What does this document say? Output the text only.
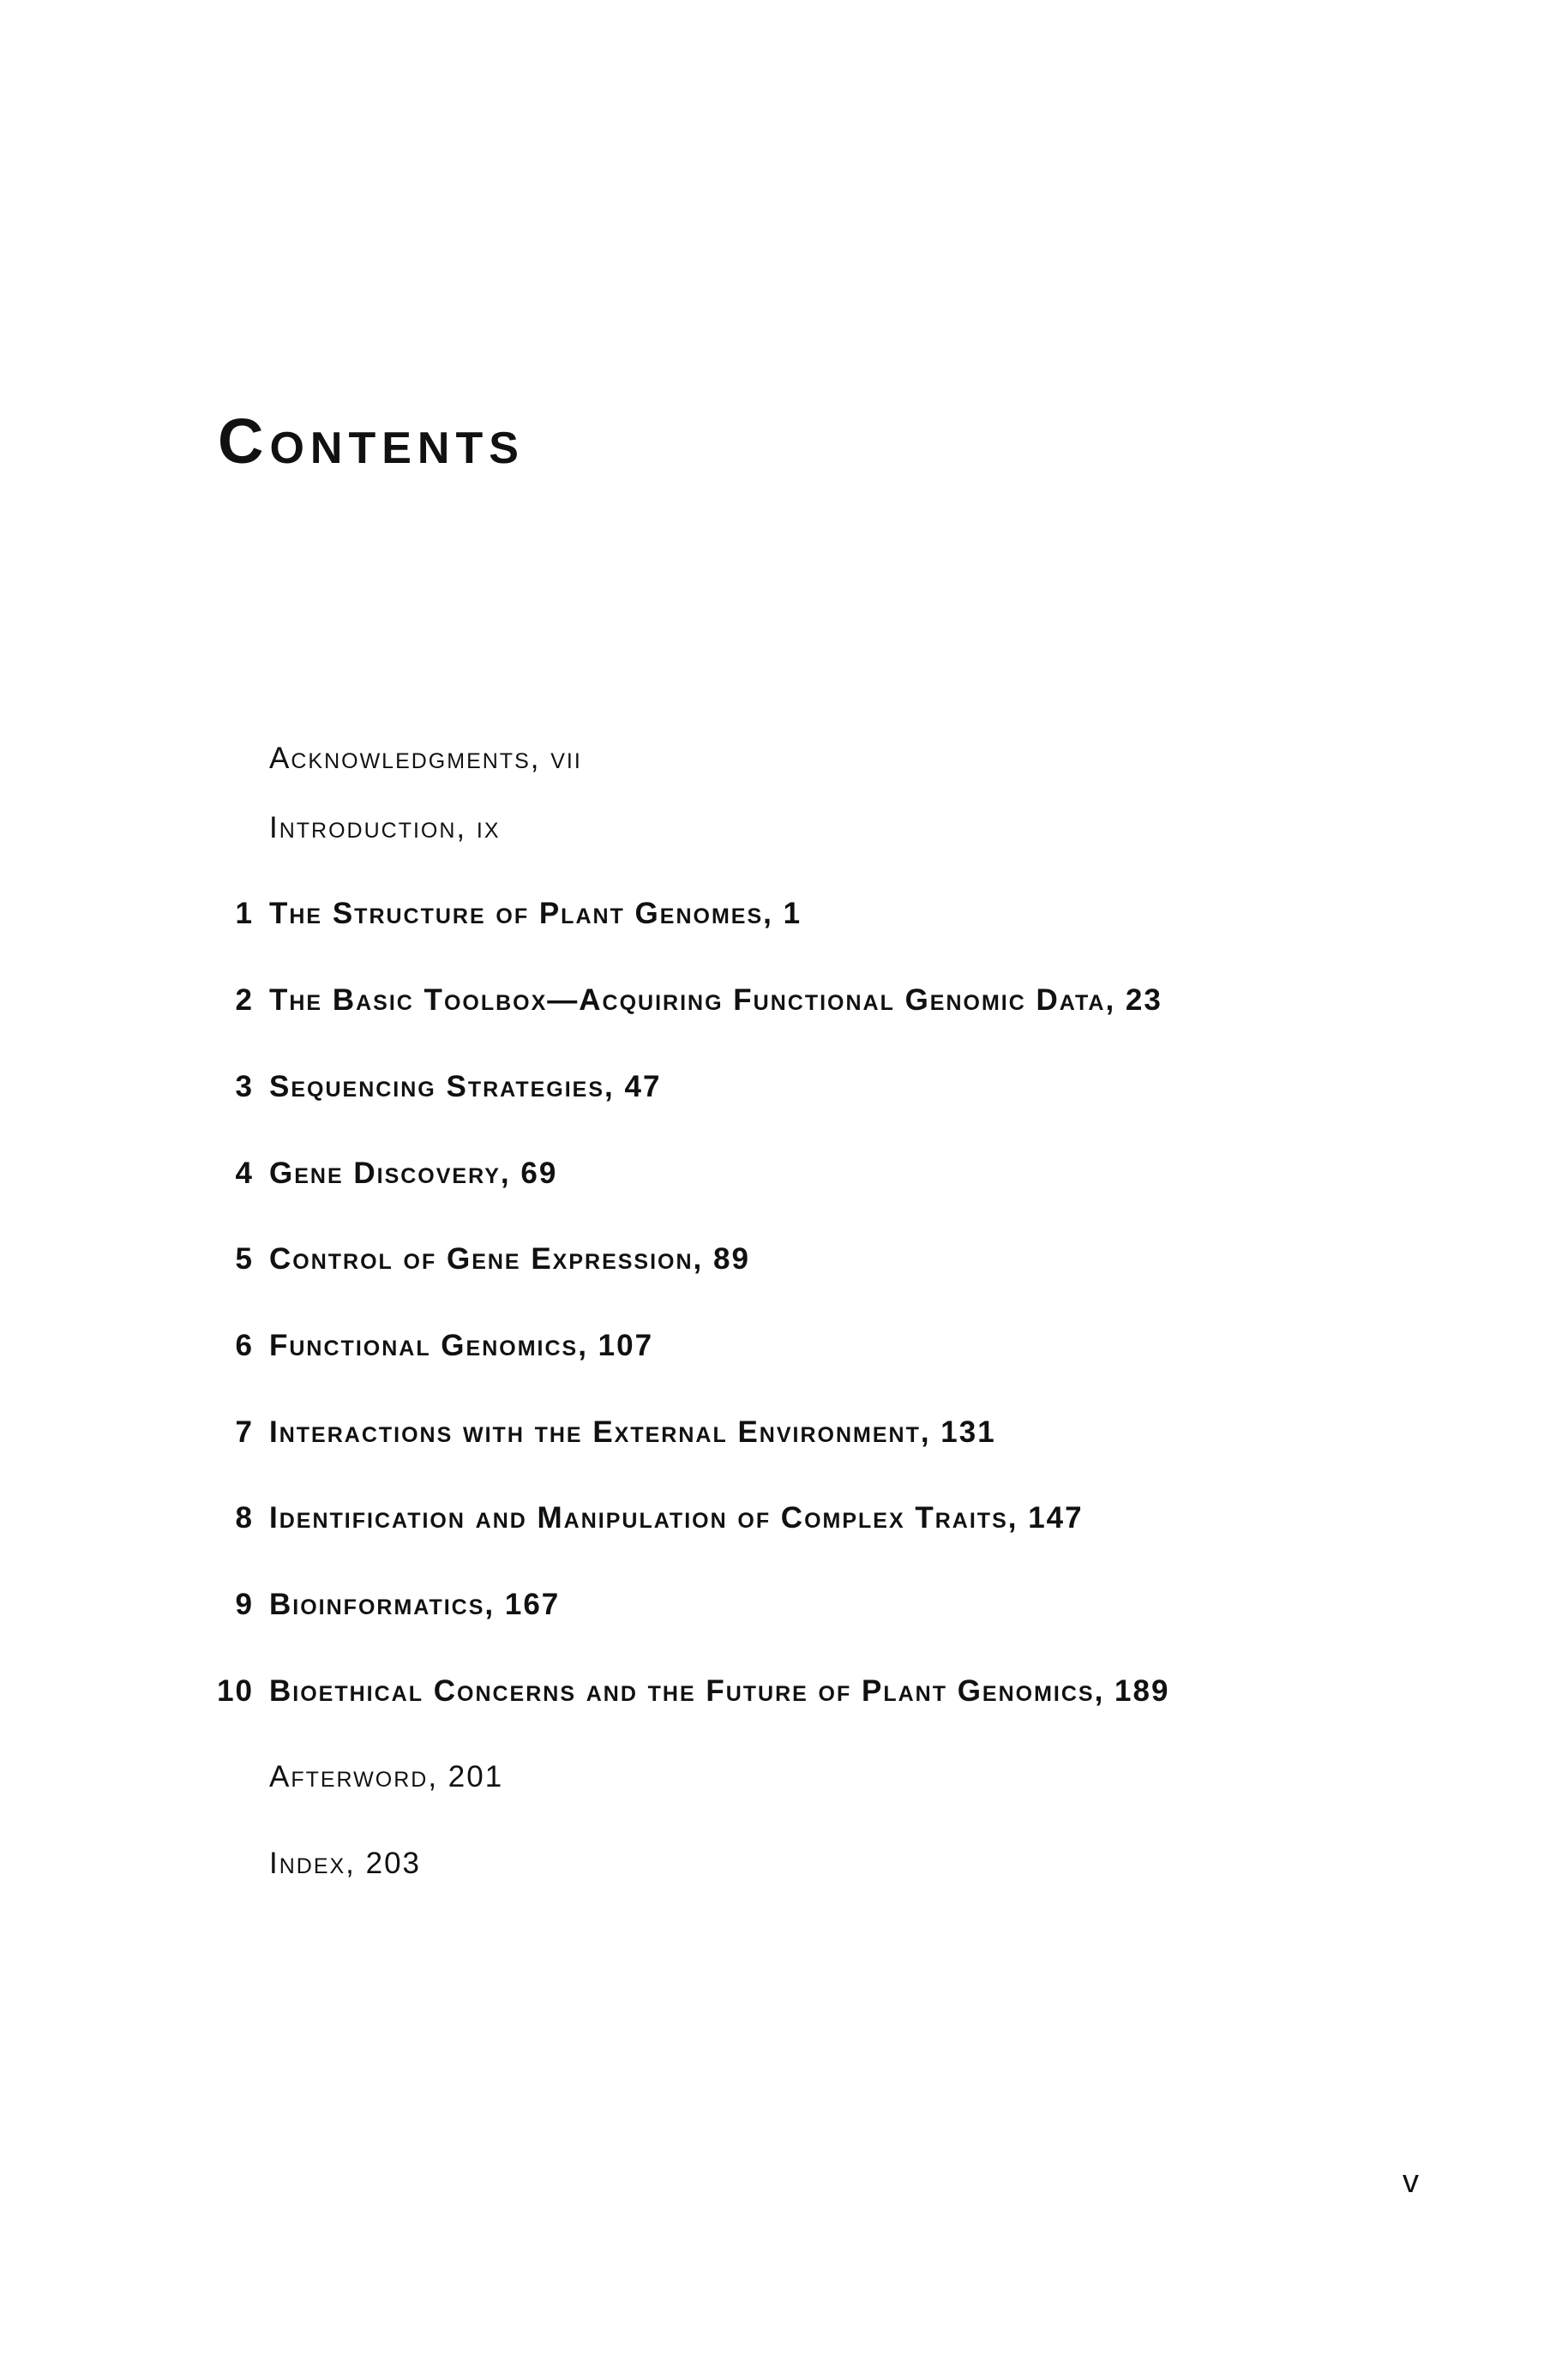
Contents
Acknowledgments, vii
Introduction, ix
1 The Structure of Plant Genomes, 1
2 The Basic Toolbox—Acquiring Functional Genomic Data, 23
3 Sequencing Strategies, 47
4 Gene Discovery, 69
5 Control of Gene Expression, 89
6 Functional Genomics, 107
7 Interactions with the External Environment, 131
8 Identification and Manipulation of Complex Traits, 147
9 Bioinformatics, 167
10 Bioethical Concerns and the Future of Plant Genomics, 189
Afterword, 201
Index, 203
v
